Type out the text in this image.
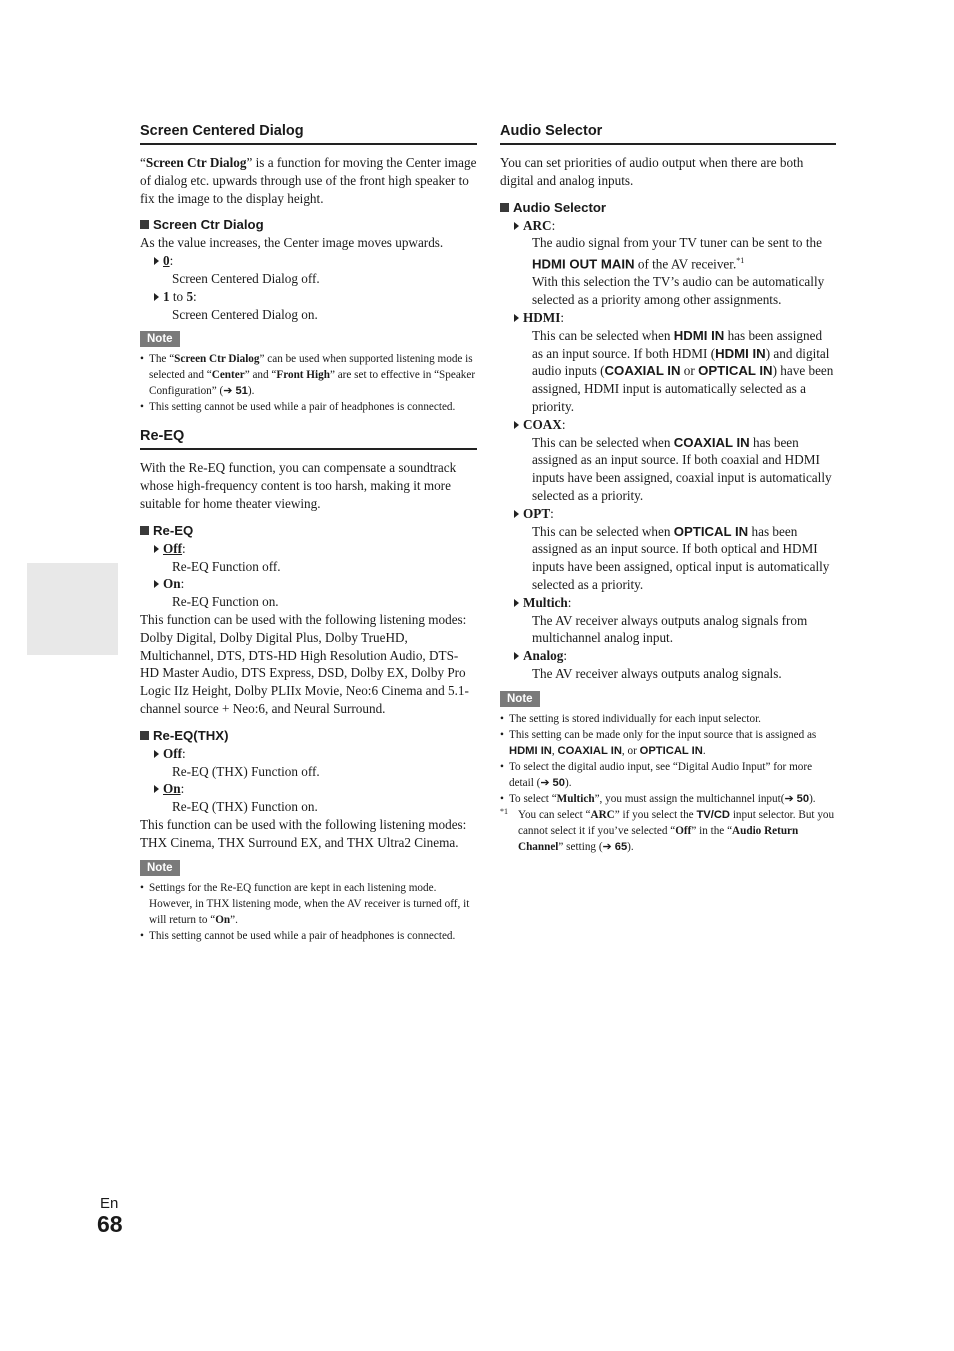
Screen Centered Dialog

“Screen Ctr Dialog” is a function for moving the Center image of dialog etc. upwards through use of the front high speaker to fix the image to the display height.

Screen Ctr Dialog

As the value increases, the Center image moves upwards.

0:
Screen Centered Dialog off.
1 to 5:
Screen Centered Dialog on.
Note
• The “Screen Ctr Dialog” can be used when supported listening mode is selected and “Center” and “Front High” are set to effective in “Speaker Configuration” (➔ 51).
• This setting cannot be used while a pair of headphones is connected.
Re-EQ

With the Re-EQ function, you can compensate a soundtrack whose high-frequency content is too harsh, making it more suitable for home theater viewing.

Re-EQ
Off:
Re-EQ Function off.
On:
Re-EQ Function on.

This function can be used with the following listening modes: Dolby Digital, Dolby Digital Plus, Dolby TrueHD, Multichannel, DTS, DTS-HD High Resolution Audio, DTS-HD Master Audio, DTS Express, DSD, Dolby EX, Dolby Pro Logic IIz Height, Dolby PLIIx Movie, Neo:6 Cinema and 5.1-channel source + Neo:6, and Neural Surround.

Re-EQ(THX)
Off:
Re-EQ (THX) Function off.
On:
Re-EQ (THX) Function on.

This function can be used with the following listening modes: THX Cinema, THX Surround EX, and THX Ultra2 Cinema.

Note
• Settings for the Re-EQ function are kept in each listening mode. However, in THX listening mode, when the AV receiver is turned off, it will return to “On”.
• This setting cannot be used while a pair of headphones is connected.
Audio Selector

You can set priorities of audio output when there are both digital and analog inputs.

Audio Selector
ARC:
The audio signal from your TV tuner can be sent to the HDMI OUT MAIN of the AV receiver.$^{*1}$
With this selection the TV’s audio can be automatically selected as a priority among other assignments.
HDMI:
This can be selected when HDMI IN has been assigned as an input source. If both HDMI (HDMI IN) and digital audio inputs (COAXIAL IN or OPTICAL IN) have been assigned, HDMI input is automatically selected as a priority.
COAX:
This can be selected when COAXIAL IN has been assigned as an input source. If both coaxial and HDMI inputs have been assigned, coaxial input is automatically selected as a priority.
OPT:
This can be selected when OPTICAL IN has been assigned as an input source. If both optical and HDMI inputs have been assigned, optical input is automatically selected as a priority.
Multich:
The AV receiver always outputs analog signals from multichannel analog input.
Analog:
The AV receiver always outputs analog signals.
Note
• The setting is stored individually for each input selector.
• This setting can be made only for the input source that is assigned as HDMI IN, COAXIAL IN, or OPTICAL IN.
• To select the digital audio input, see “Digital Audio Input” for more detail (➔ 50).
• To select “Multich”, you must assign the multichannel input(➔ 50).
*1 You can select “ARC” if you select the TV/CD input selector. But you cannot select it if you’ve selected “Off” in the “Audio Return Channel” setting (➔ 65).
En
68
